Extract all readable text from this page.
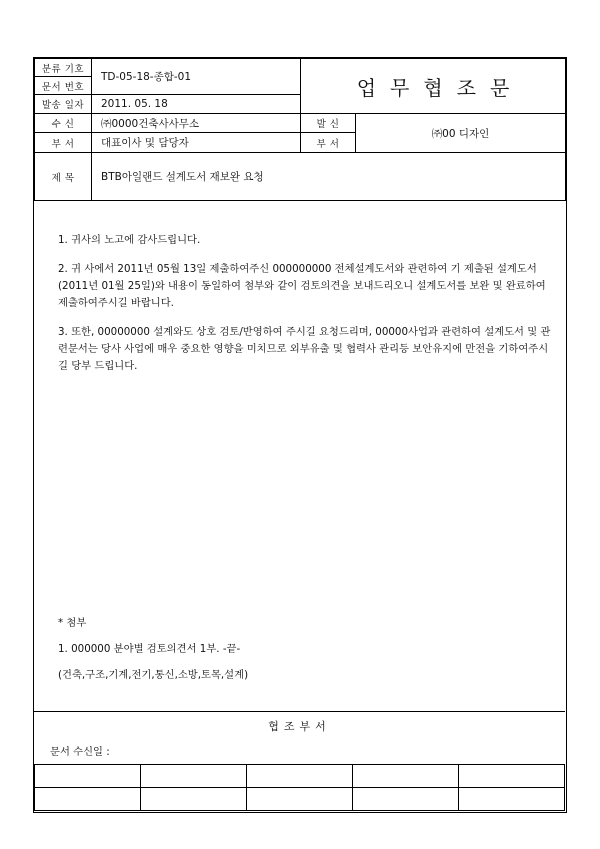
분류 기호	TD-05-18-종합-01	업무협조문	
문서 번호			
발송 일자	2011. 05. 18		
수 신	㈜0000건축사사무소	발 신	㈜00 디자인
부 서	대표이사 및 담당자	부 서	
제 목	BTB아일랜드 설계도서 재보완 요청		
협조부서
문서 수신일 :

1. 귀사의 노고에 감사드립니다.

2. 귀 사에서 2011년 05월 13일 제출하여주신 000000000 전체설계도서와 관련하여 기 제출된 설계도서(2011년 01월 25일)와 내용이 동일하여 첨부와 같이 검토의견을 보내드리오니 설계도서를 보완 및 완료하여 제출하여주시길 바랍니다.

3. 또한, 00000000 설계와도 상호 검토/반영하여 주시길 요청드리며, 00000사업과 관련하여 설계도서 및 관련문서는 당사 사업에 매우 중요한 영향을 미치므로 외부유출 및 협력사 관리등 보안유지에 만전을 기하여주시길 당부 드립니다.

* 첨부
1. 000000 분야별 검토의견서 1부. -끝-
(건축,구조,기계,전기,통신,소방,토목,설계)
